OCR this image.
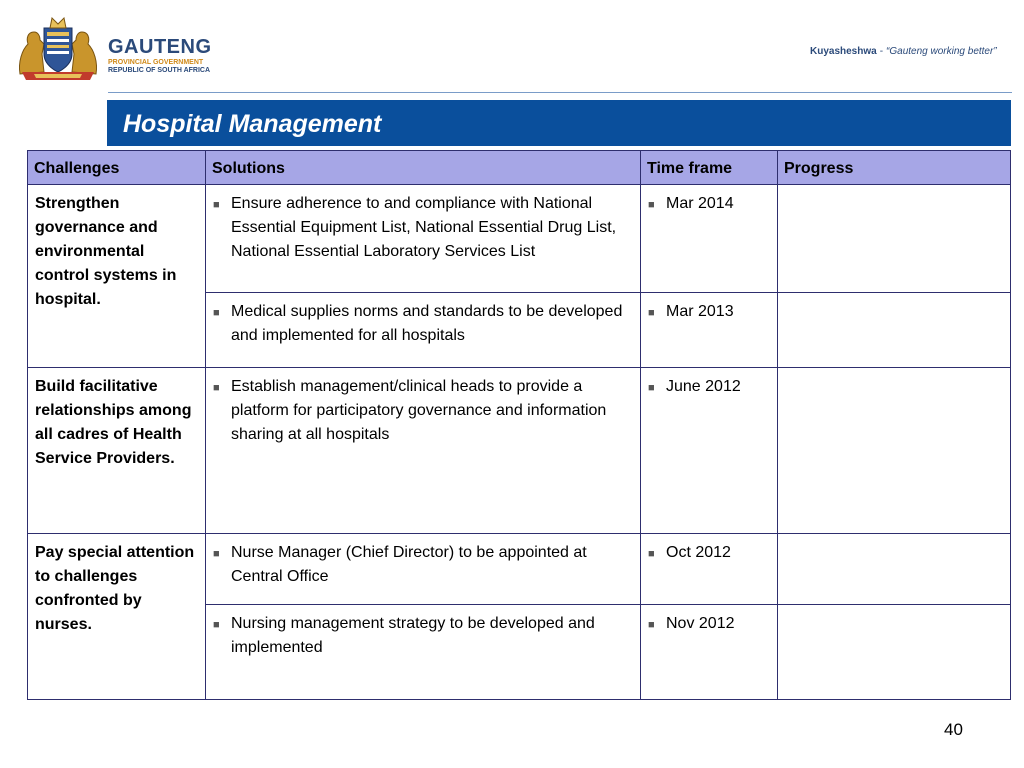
GAUTENG
PROVINCIAL GOVERNMENT
REPUBLIC OF SOUTH AFRICA
Kuyasheshwa - “Gauteng working better”
Hospital Management
Challenges	Solutions	Time frame	Progress
Strengthen governance and environmental control systems in hospital.	■ Ensure adherence to and compliance with National Essential Equipment List, National Essential Drug List, National Essential Laboratory Services List	■ Mar 2014	

	■ Medical supplies norms and standards to be developed and implemented for all hospitals	■ Mar 2013	

Build facilitative relationships among all cadres of Health Service Providers.	■ Establish management/clinical heads to provide a platform for participatory governance and information sharing at all hospitals	■ June 2012	

Pay special attention to challenges confronted by nurses.	■ Nurse Manager (Chief Director) to be appointed at Central Office	■ Oct 2012	

	■ Nursing management strategy to be developed and implemented	■ Nov 2012	

40
